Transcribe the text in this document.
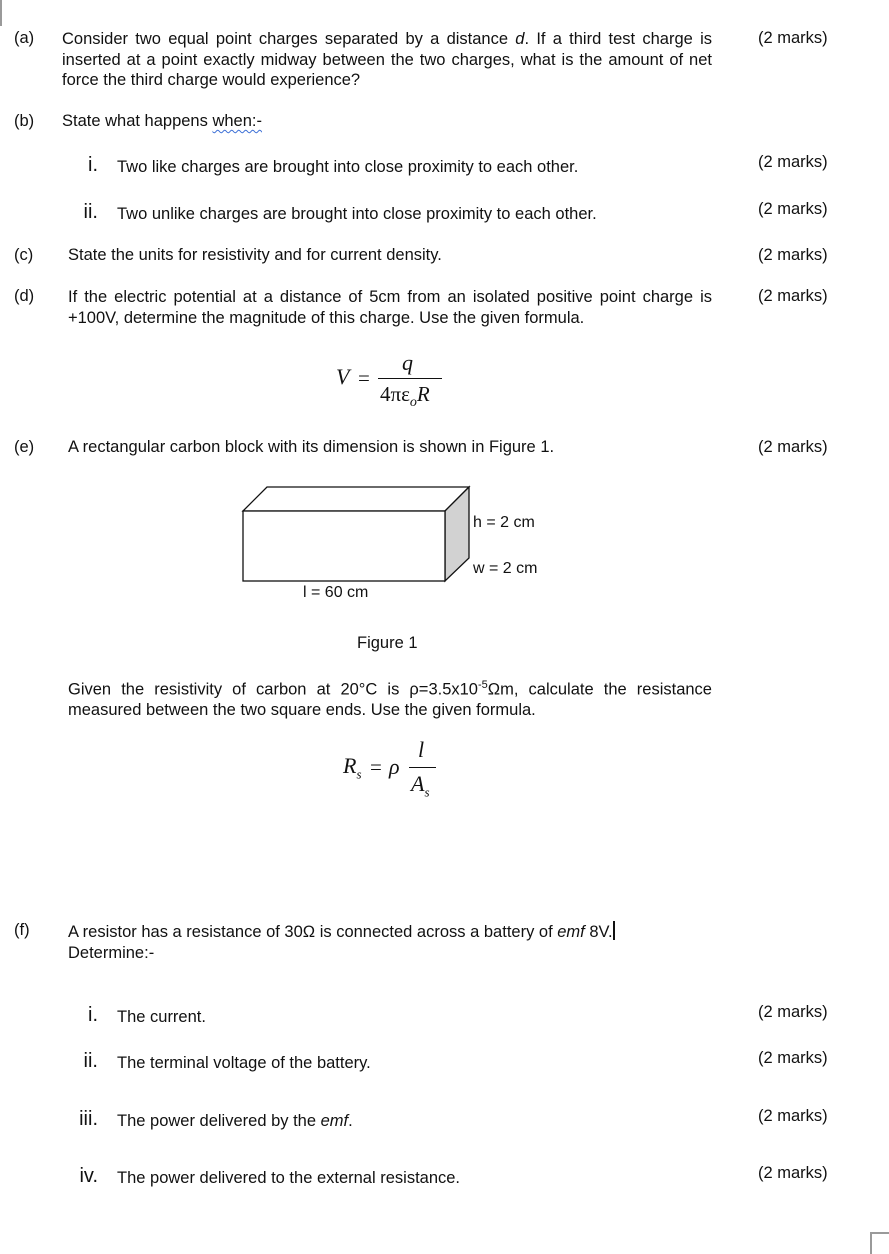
(a) Consider two equal point charges separated by a distance d. If a third test charge is inserted at a point exactly midway between the two charges, what is the amount of net force the third charge would experience?
(2 marks)
(b) State what happens when:-
i. Two like charges are brought into close proximity to each other.	(2 marks)
ii. Two unlike charges are brought into close proximity to each other.	(2 marks)
(c) State the units for resistivity and for current density.	(2 marks)
(d) If the electric potential at a distance of 5cm from an isolated positive point charge is +100V, determine the magnitude of this charge. Use the given formula.
(2 marks)
V =
q
$4\pi\varepsilon_oR$
(e) A rectangular carbon block with its dimension is shown in Figure 1.	(2 marks)
h = 2 cm
w = 2 cm
l = 60 cm
Figure 1
Given the resistivity of carbon at 20°C is $\rho=3.5x10^{-5}\Omega m$, calculate the resistance measured between the two square ends. Use the given formula.
$R_s = \rho$
l
$A_s$
(f) A resistor has a resistance of 30Ω is connected across a battery of emf 8V.
Determine:-
i. The current.	(2 marks)
ii. The terminal voltage of the battery.	(2 marks)
iii. The power delivered by the emf.	(2 marks)
iv. The power delivered to the external resistance.	(2 marks)
